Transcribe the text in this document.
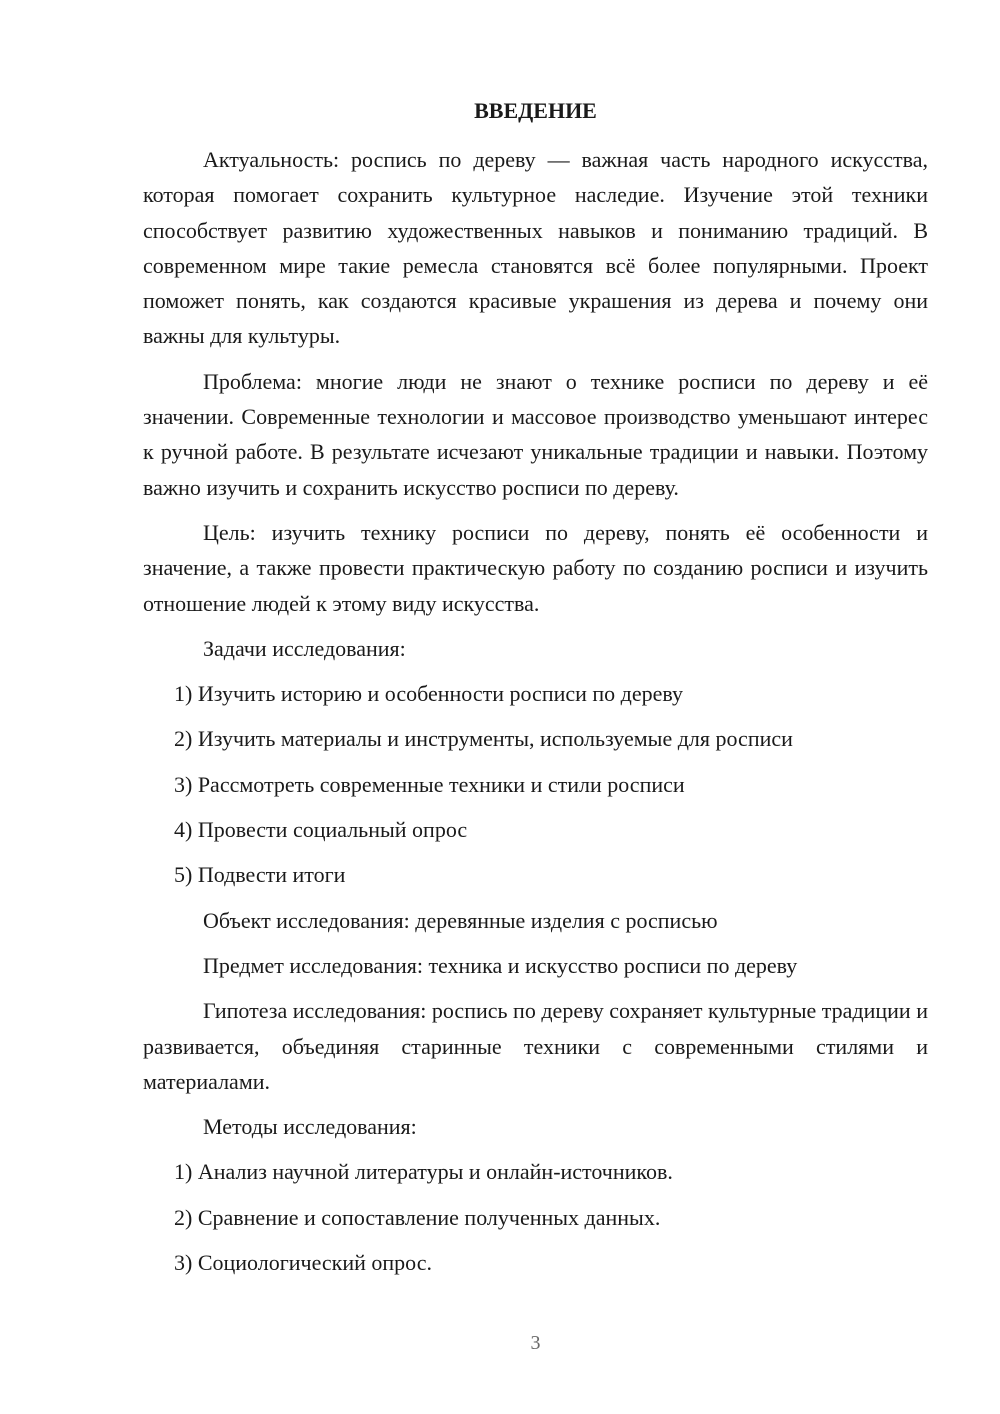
ВВЕДЕНИЕ

Актуальность: роспись по дереву — важная часть народного искусства, которая помогает сохранить культурное наследие. Изучение этой техники способствует развитию художественных навыков и пониманию традиций. В современном мире такие ремесла становятся всё более популярными. Проект поможет понять, как создаются красивые украшения из дерева и почему они важны для культуры.

Проблема: многие люди не знают о технике росписи по дереву и её значении. Современные технологии и массовое производство уменьшают интерес к ручной работе. В результате исчезают уникальные традиции и навыки. Поэтому важно изучить и сохранить искусство росписи по дереву.

Цель: изучить технику росписи по дереву, понять её особенности и значение, а также провести практическую работу по созданию росписи и изучить отношение людей к этому виду искусства.

Задачи исследования:

1) Изучить историю и особенности росписи по дереву

2) Изучить материалы и инструменты, используемые для росписи

3) Рассмотреть современные техники и стили росписи

4) Провести социальный опрос

5) Подвести итоги

Объект исследования: деревянные изделия с росписью

Предмет исследования: техника и искусство росписи по дереву

Гипотеза исследования: роспись по дереву сохраняет культурные традиции и развивается, объединяя старинные техники с современными стилями и материалами.

Методы исследования:

1) Анализ научной литературы и онлайн-источников.

2) Сравнение и сопоставление полученных данных.

3) Социологический опрос.

3
